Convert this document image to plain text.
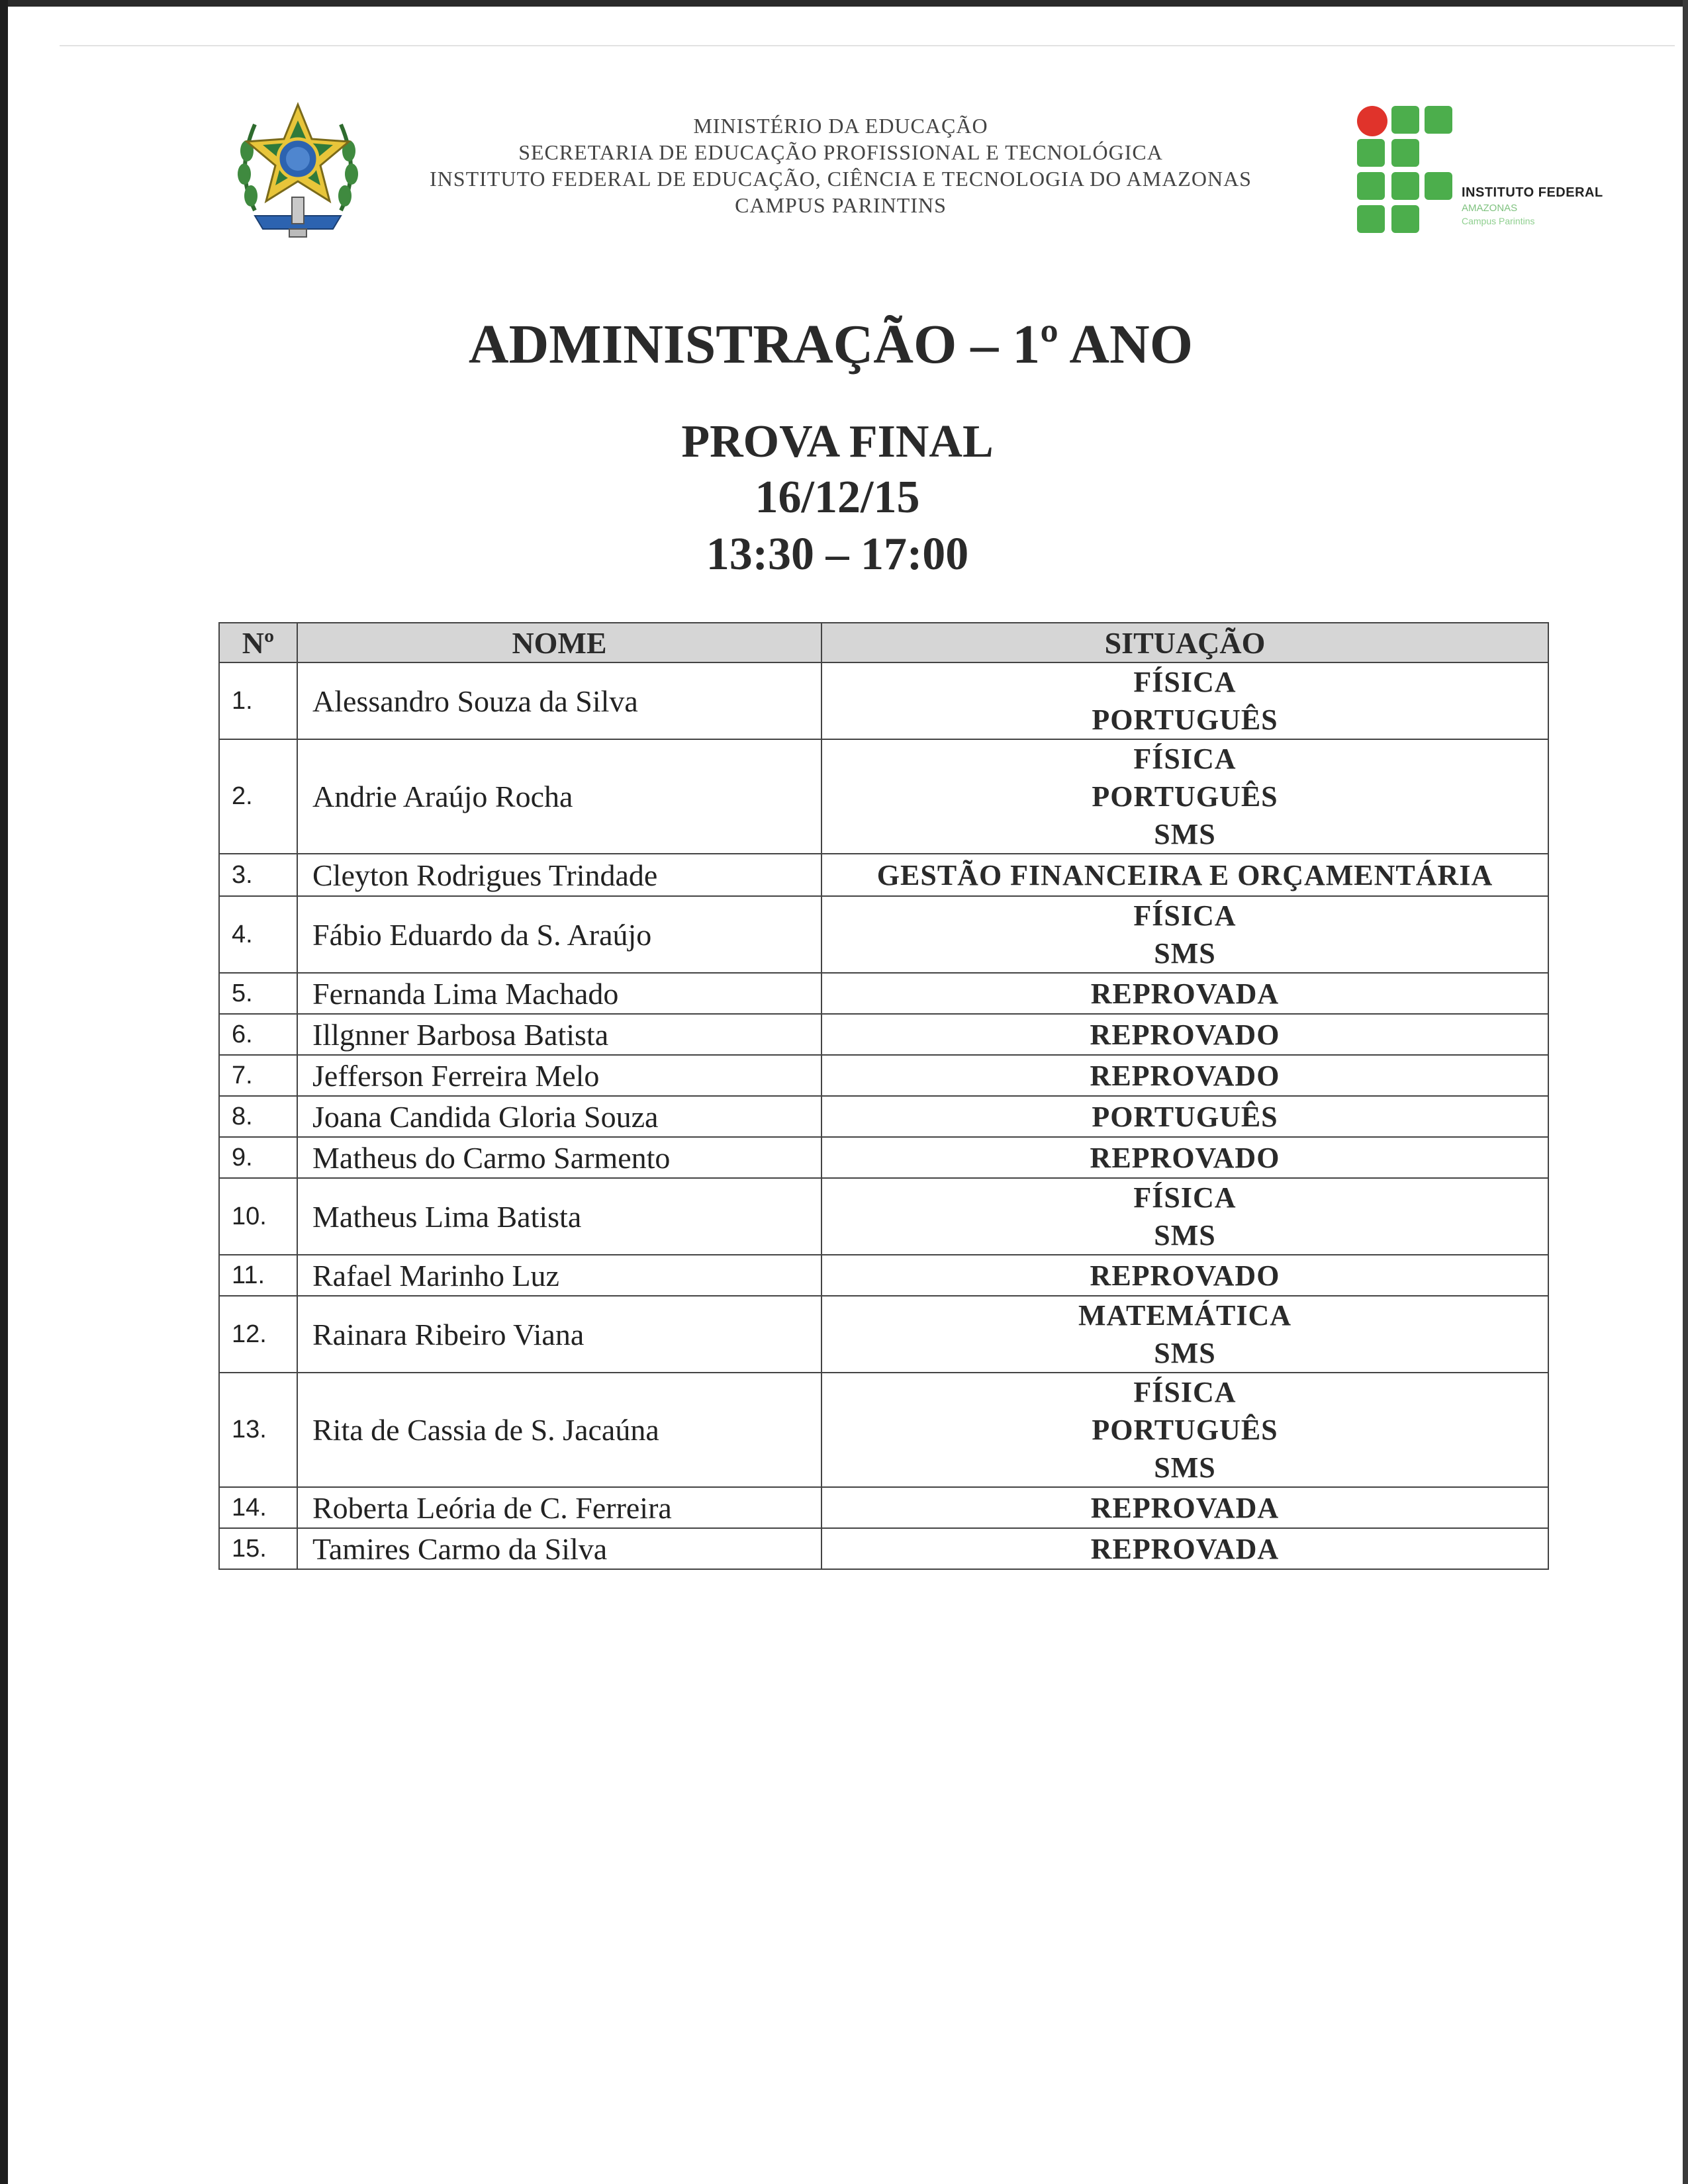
MINISTÉRIO DA EDUCAÇÃO
SECRETARIA DE EDUCAÇÃO PROFISSIONAL E TECNOLÓGICA
INSTITUTO FEDERAL DE EDUCAÇÃO, CIÊNCIA E TECNOLOGIA DO AMAZONAS
CAMPUS PARINTINS
INSTITUTO FEDERAL
AMAZONAS
Campus Parintins
ADMINISTRAÇÃO – 1º ANO
PROVA FINAL
16/12/15
13:30 – 17:00
Nº	NOME	SITUAÇÃO
1.	Alessandro Souza da Silva	FÍSICA
PORTUGUÊS

2.	Andrie Araújo Rocha	FÍSICA
PORTUGUÊS
SMS

3.	Cleyton Rodrigues Trindade	GESTÃO FINANCEIRA E ORÇAMENTÁRIA

4.	Fábio Eduardo da S. Araújo	FÍSICA
SMS

5.	Fernanda Lima Machado	REPROVADA

6.	Illgnner Barbosa Batista	REPROVADO

7.	Jefferson Ferreira Melo	REPROVADO

8.	Joana Candida Gloria Souza	PORTUGUÊS

9.	Matheus do Carmo Sarmento	REPROVADO

10.	Matheus Lima Batista	FÍSICA
SMS

11.	Rafael Marinho Luz	REPROVADO

12.	Rainara Ribeiro Viana	MATEMÁTICA
SMS

13.	Rita de Cassia de S. Jacaúna	FÍSICA
PORTUGUÊS
SMS

14.	Roberta Leória de C. Ferreira	REPROVADA

15.	Tamires Carmo da Silva	REPROVADA
